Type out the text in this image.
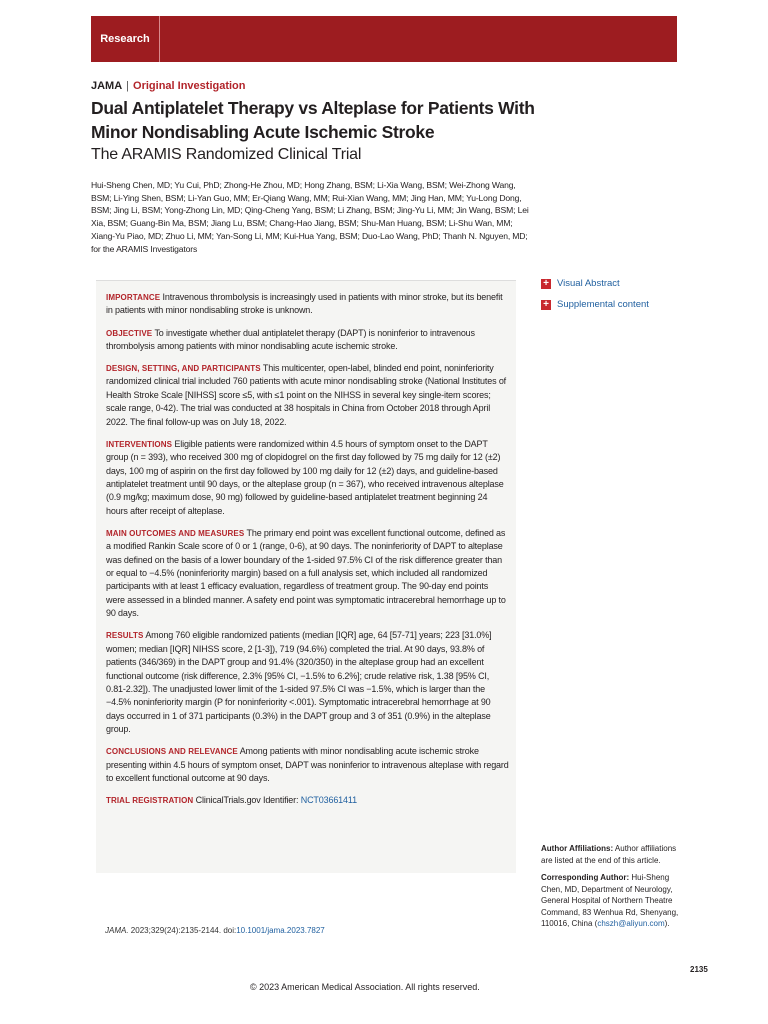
Research
JAMA | Original Investigation
Dual Antiplatelet Therapy vs Alteplase for Patients With Minor Nondisabling Acute Ischemic Stroke
The ARAMIS Randomized Clinical Trial
Hui-Sheng Chen, MD; Yu Cui, PhD; Zhong-He Zhou, MD; Hong Zhang, BSM; Li-Xia Wang, BSM; Wei-Zhong Wang, BSM; Li-Ying Shen, BSM; Li-Yan Guo, MM; Er-Qiang Wang, MM; Rui-Xian Wang, MM; Jing Han, MM; Yu-Long Dong, BSM; Jing Li, BSM; Yong-Zhong Lin, MD; Qing-Cheng Yang, BSM; Li Zhang, BSM; Jing-Yu Li, MM; Jin Wang, BSM; Lei Xia, BSM; Guang-Bin Ma, BSM; Jiang Lu, BSM; Chang-Hao Jiang, BSM; Shu-Man Huang, BSM; Li-Shu Wan, MM; Xiang-Yu Piao, MD; Zhuo Li, MM; Yan-Song Li, MM; Kui-Hua Yang, BSM; Duo-Lao Wang, PhD; Thanh N. Nguyen, MD; for the ARAMIS Investigators
+ Visual Abstract
+ Supplemental content
IMPORTANCE Intravenous thrombolysis is increasingly used in patients with minor stroke, but its benefit in patients with minor nondisabling stroke is unknown.
OBJECTIVE To investigate whether dual antiplatelet therapy (DAPT) is noninferior to intravenous thrombolysis among patients with minor nondisabling acute ischemic stroke.
DESIGN, SETTING, AND PARTICIPANTS This multicenter, open-label, blinded end point, noninferiority randomized clinical trial included 760 patients with acute minor nondisabling stroke (National Institutes of Health Stroke Scale [NIHSS] score ≤5, with ≤1 point on the NIHSS in several key single-item scores; scale range, 0-42). The trial was conducted at 38 hospitals in China from October 2018 through April 2022. The final follow-up was on July 18, 2022.
INTERVENTIONS Eligible patients were randomized within 4.5 hours of symptom onset to the DAPT group (n = 393), who received 300 mg of clopidogrel on the first day followed by 75 mg daily for 12 (±2) days, 100 mg of aspirin on the first day followed by 100 mg daily for 12 (±2) days, and guideline-based antiplatelet treatment until 90 days, or the alteplase group (n = 367), who received intravenous alteplase (0.9 mg/kg; maximum dose, 90 mg) followed by guideline-based antiplatelet treatment beginning 24 hours after receipt of alteplase.
MAIN OUTCOMES AND MEASURES The primary end point was excellent functional outcome, defined as a modified Rankin Scale score of 0 or 1 (range, 0-6), at 90 days. The noninferiority of DAPT to alteplase was defined on the basis of a lower boundary of the 1-sided 97.5% CI of the risk difference greater than or equal to −4.5% (noninferiority margin) based on a full analysis set, which included all randomized participants with at least 1 efficacy evaluation, regardless of treatment group. The 90-day end points were assessed in a blinded manner. A safety end point was symptomatic intracerebral hemorrhage up to 90 days.
RESULTS Among 760 eligible randomized patients (median [IQR] age, 64 [57-71] years; 223 [31.0%] women; median [IQR] NIHSS score, 2 [1-3]), 719 (94.6%) completed the trial. At 90 days, 93.8% of patients (346/369) in the DAPT group and 91.4% (320/350) in the alteplase group had an excellent functional outcome (risk difference, 2.3% [95% CI, −1.5% to 6.2%]; crude relative risk, 1.38 [95% CI, 0.81-2.32]). The unadjusted lower limit of the 1-sided 97.5% CI was −1.5%, which is larger than the −4.5% noninferiority margin (P for noninferiority <.001). Symptomatic intracerebral hemorrhage at 90 days occurred in 1 of 371 participants (0.3%) in the DAPT group and 3 of 351 (0.9%) in the alteplase group.
CONCLUSIONS AND RELEVANCE Among patients with minor nondisabling acute ischemic stroke presenting within 4.5 hours of symptom onset, DAPT was noninferior to intravenous alteplase with regard to excellent functional outcome at 90 days.
TRIAL REGISTRATION ClinicalTrials.gov Identifier: NCT03661411
JAMA. 2023;329(24):2135-2144. doi:10.1001/jama.2023.7827

Author Affiliations: Author affiliations are listed at the end of this article.

Corresponding Author: Hui-Sheng Chen, MD, Department of Neurology, General Hospital of Northern Theatre Command, 83 Wenhua Rd, Shenyang, 110016, China (chszh@aliyun.com).

2135
© 2023 American Medical Association. All rights reserved.
